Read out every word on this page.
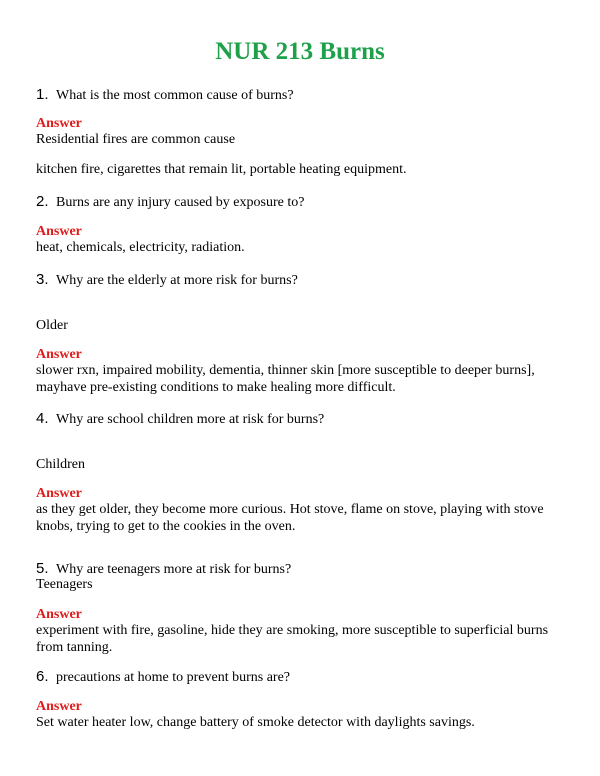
NUR 213 Burns
1. What is the most common cause of burns?
Answer
Residential fires are common cause
kitchen fire, cigarettes that remain lit, portable heating equipment.
2. Burns are any injury caused by exposure to?
Answer
heat, chemicals, electricity, radiation.
3. Why are the elderly at more risk for burns?
Older
Answer
slower rxn, impaired mobility, dementia, thinner skin [more susceptible to deeper burns], mayhave pre-existing conditions to make healing more difficult.
4. Why are school children more at risk for burns?
Children
Answer
as they get older, they become more curious. Hot stove, flame on stove, playing with stove knobs, trying to get to the cookies in the oven.
5. Why are teenagers more at risk for burns?
Teenagers
Answer
experiment with fire, gasoline, hide they are smoking, more susceptible to superficial burns from tanning.
6. precautions at home to prevent burns are?
Answer
Set water heater low, change battery of smoke detector with daylights savings.
